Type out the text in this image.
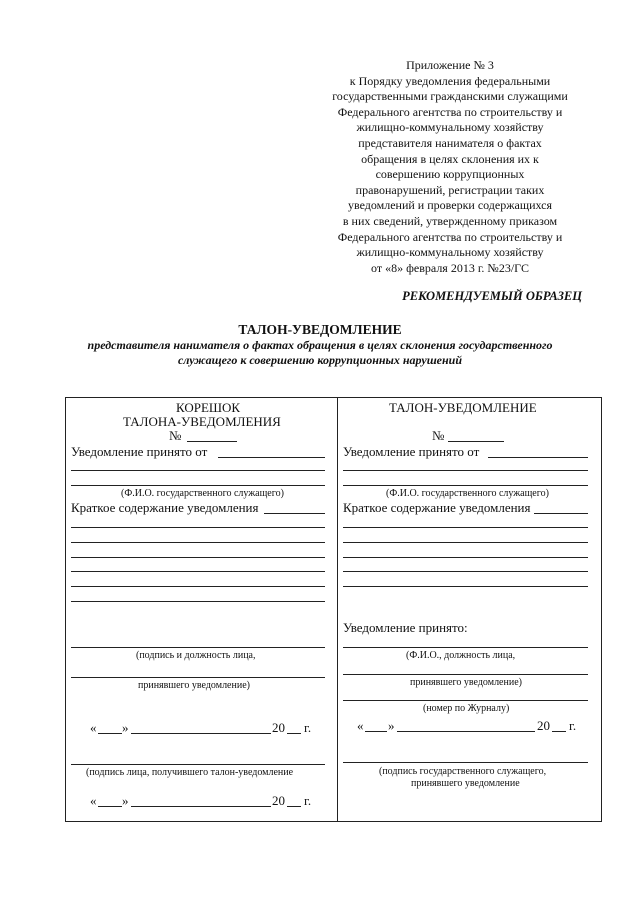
Приложение № 3
к Порядку уведомления федеральными
государственными гражданскими служащими
Федерального агентства по строительству и
жилищно-коммунальному хозяйству
представителя нанимателя о фактах
обращения в целях склонения их к
совершению коррупционных
правонарушений, регистрации таких
уведомлений и проверки содержащихся
в них сведений, утвержденному приказом
Федерального агентства по строительству и
жилищно-коммунальному хозяйству
от «8» февраля 2013 г. №23/ГС
РЕКОМЕНДУЕМЫЙ ОБРАЗЕЦ
ТАЛОН-УВЕДОМЛЕНИЕ
представителя нанимателя о фактах обращения в целях склонения государственного служащего к совершению коррупционных нарушений
КОРЕШОК
ТАЛОНА-УВЕДОМЛЕНИЯ
№
Уведомление принято от
(Ф.И.О. государственного служащего)
Краткое содержание уведомления
(подпись и должность лица,
принявшего уведомление)
« »	20 г.
(подпись лица, получившего талон-уведомление
« »	20 г.
ТАЛОН-УВЕДОМЛЕНИЕ
№
Уведомление принято от
(Ф.И.О. государственного служащего)
Краткое содержание уведомления
Уведомление принято:
(Ф.И.О., должность лица,
принявшего уведомление)
(номер по Журналу)
« »	20 г.
(подпись государственного служащего,
принявшего уведомление
